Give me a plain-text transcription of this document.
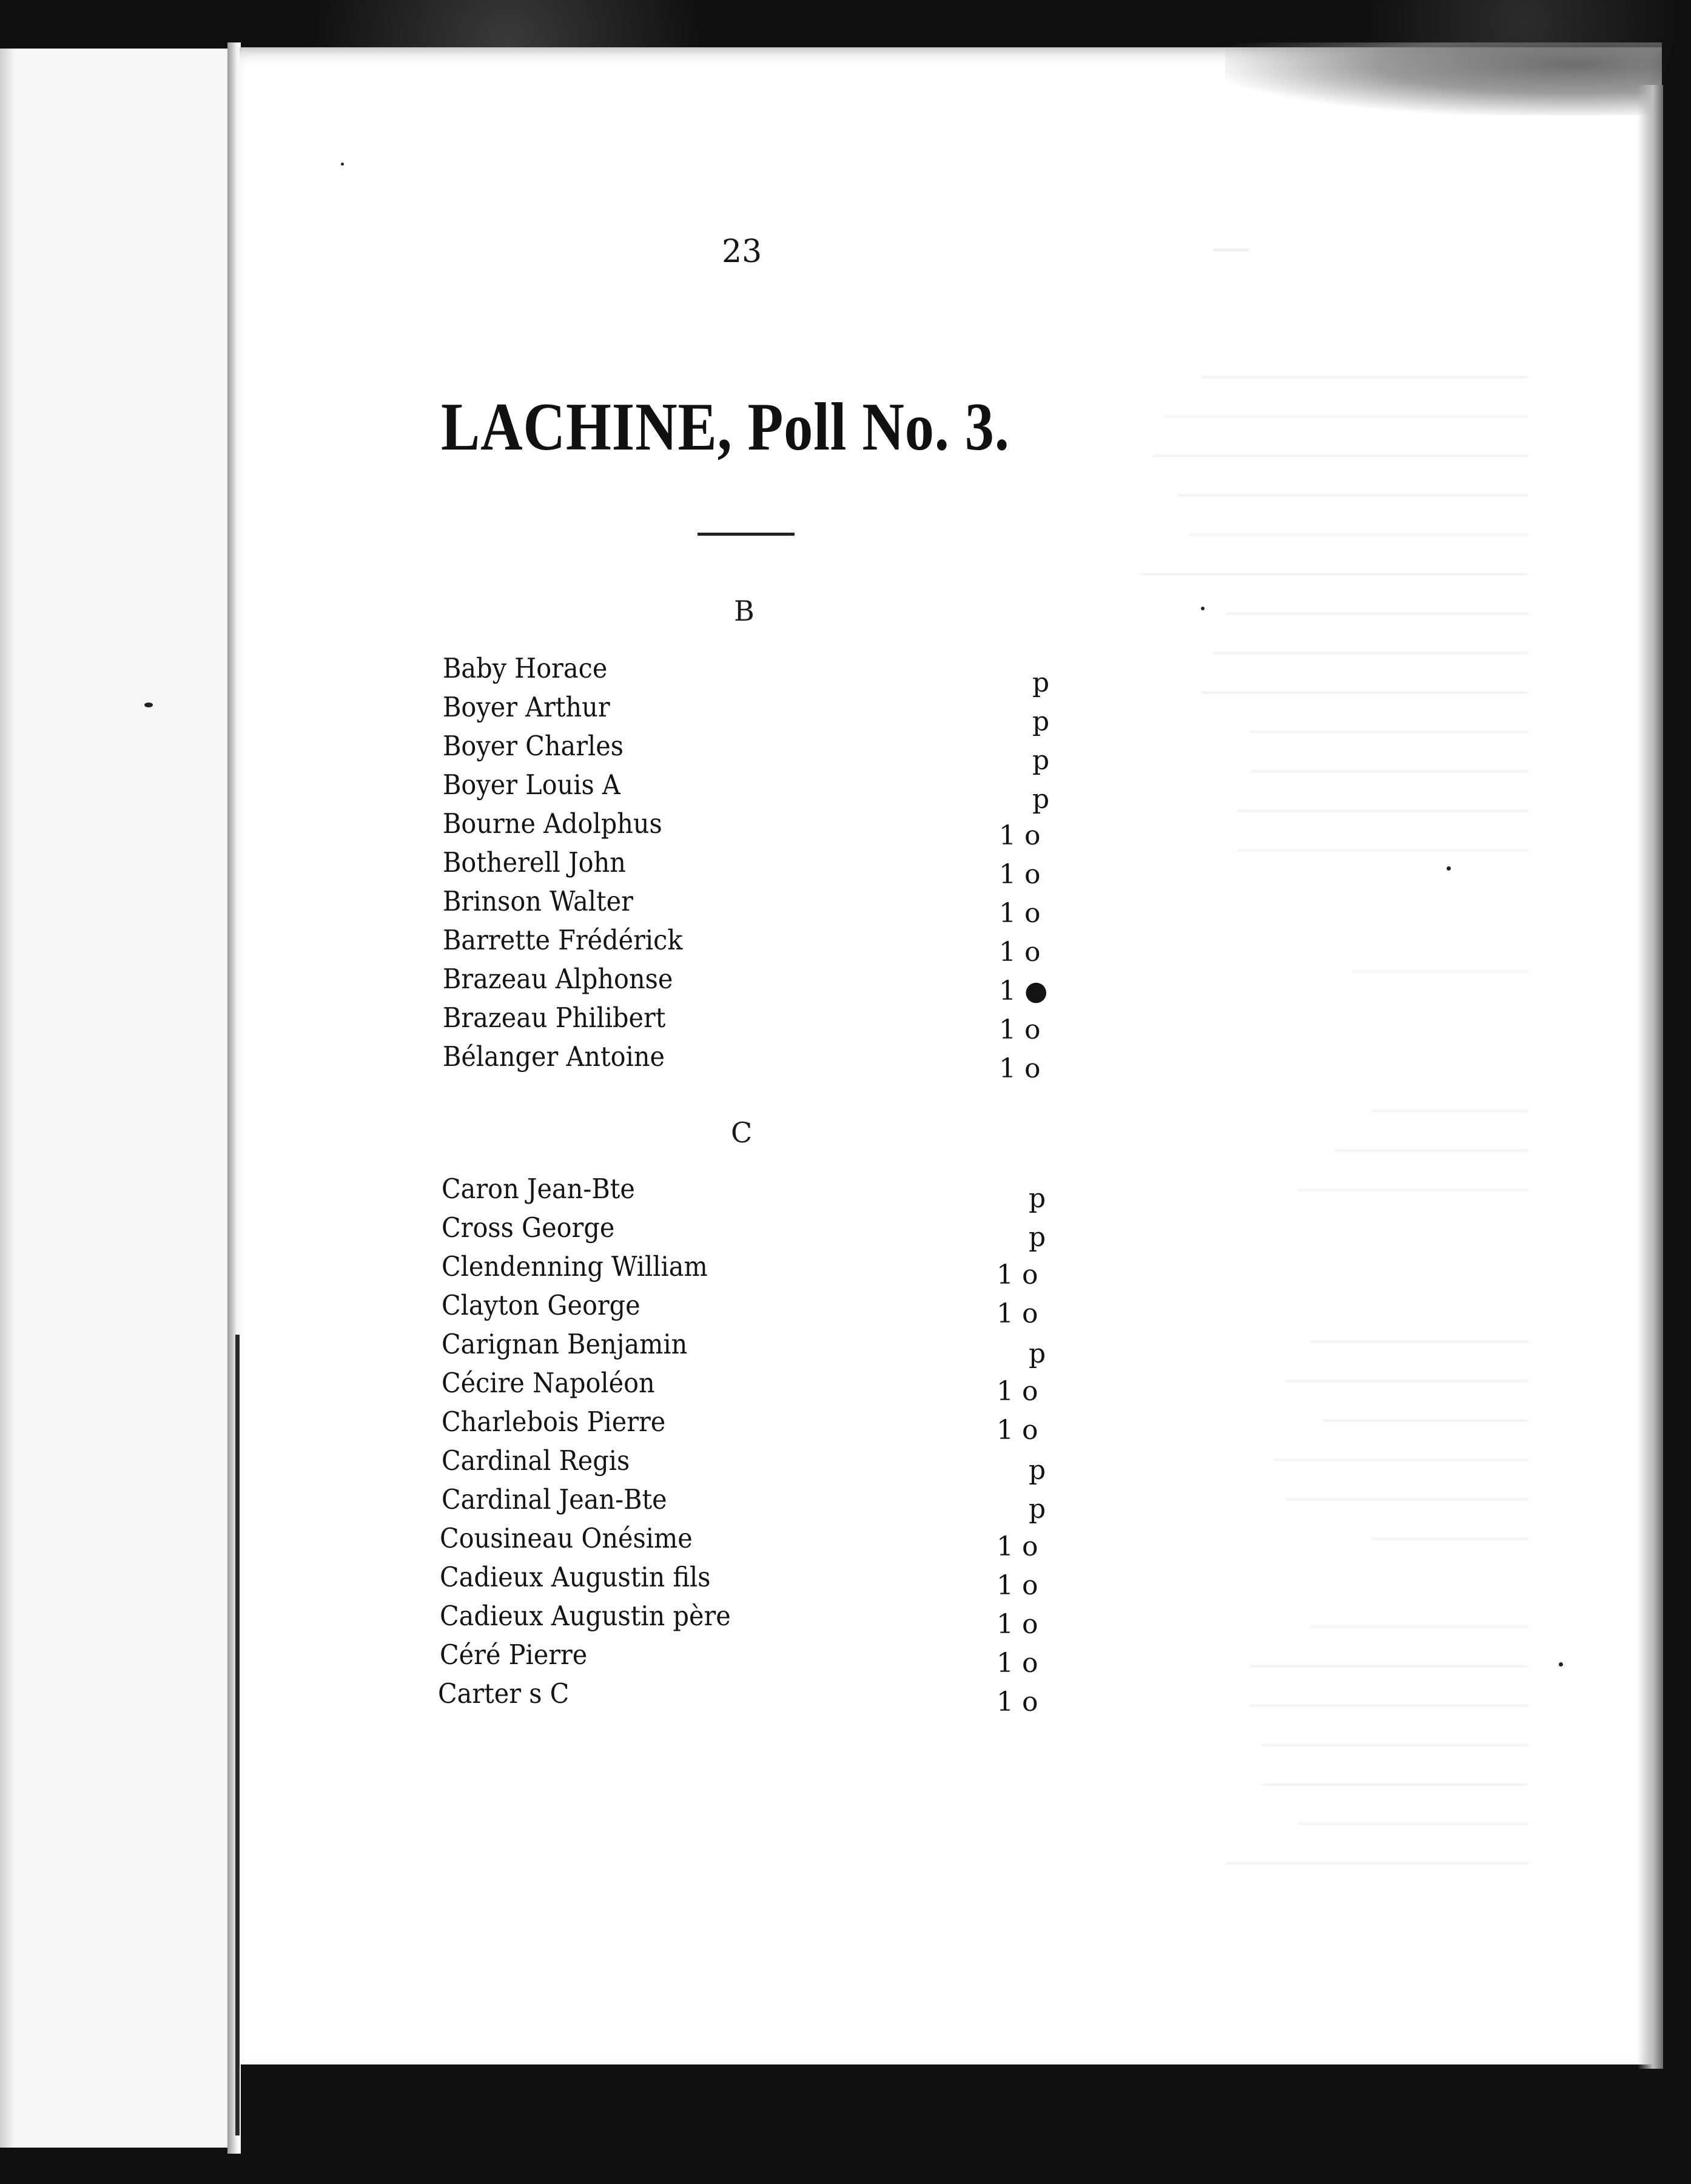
23
LACHINE, Poll No. 3.
B
Baby Horace
Boyer Arthur
Boyer Charles
Boyer Louis A
Bourne Adolphus
Botherell John
Brinson Walter
Barrette Frédérick
Brazeau Alphonse
Brazeau Philibert
Bélanger Antoine
p
p
p
p
1 o
1 o
1 o
1 o
1 ●
1 o
1 o
C
Caron Jean-Bte
Cross George
Clendenning William
Clayton George
Carignan Benjamin
Cécire Napoléon
Charlebois Pierre
Cardinal Regis
Cardinal Jean-Bte
Cousineau Onésime
Cadieux Augustin fils
Cadieux Augustin père
Céré Pierre
Carter s C
p
p
1 o
1 o
p
1 o
1 o
p
p
1 o
1 o
1 o
1 o
1 o
